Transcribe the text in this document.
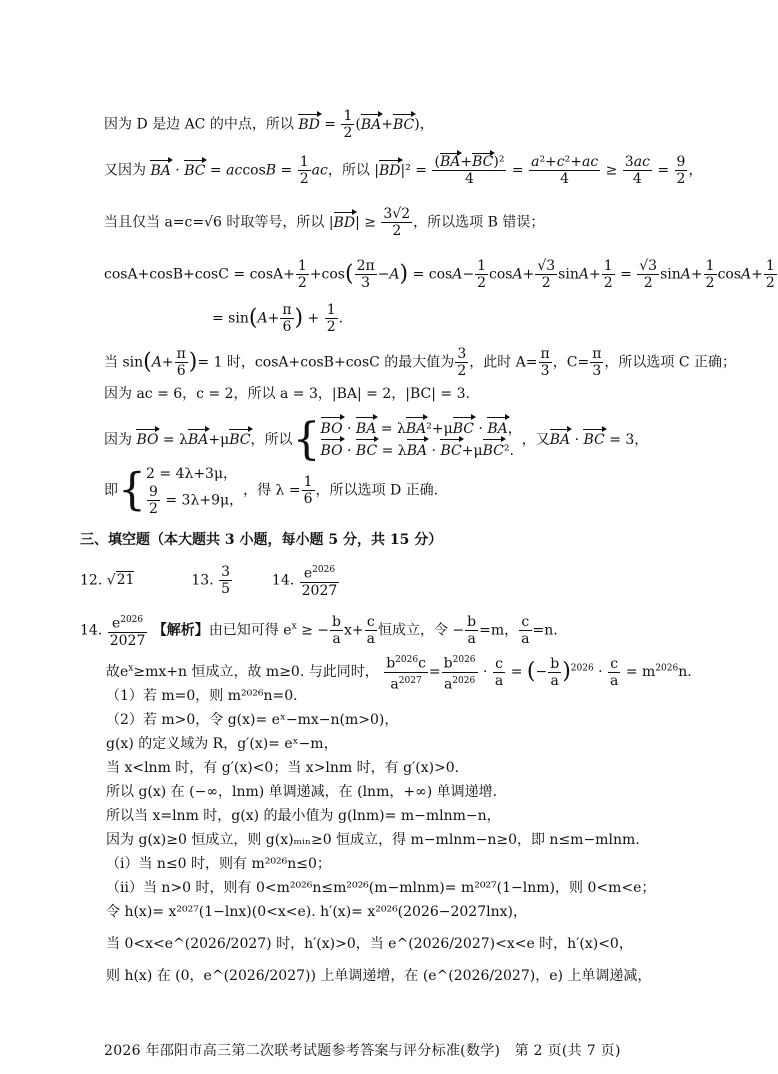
因为 D 是边 AC 的中点，所以 BD = $\frac{1}{2} (BA+BC)$，
又因为 BA · BC = $accosB = \frac{1}{2}$ ac，所以 $|BD|^2 = \frac{\text{(BA+BC)²}}{4} = \frac{\text{a²+c²+ac}}{4} \ge \frac{3ac}{4} = \frac{9}{2}$ ，
当且仅当 a=c=√6 时取等号，所以 $|BD| \ge \frac{3√2}{2}$ ，所以选项 B 错误；
$\cos A+\cos B+\cos C = \cos A+ \frac{1}{2} +\cos( \frac{2\pi}{3} -A) = \cos A- \frac{1}{2} \cos A+ \frac{√3}{2} \sin A+ \frac{1}{2} = \frac{√3}{2} \sin A+ \frac{1}{2} \cos A+ \frac{1}{2}$
= $\sin(A+ \frac{\pi}{6}$ ) + $\frac{1}{2}$ .
当 $\sin(A+ \frac{\pi}{6}$ )= 1 时，cosA+cosB+cosC 的最大值为 $\frac{3}{2}$ ，此时 $A= \frac{\pi}{3}$ ，$C= \frac{\pi}{3}$ ，所以选项 C 正确；
因为 ac = 6，c = 2，所以 a = 3，|BA| = 2，|BC| = 3.
因为 BO = λBA+μBC，所以{ BO · BA = λBA²+μBC · BA，
BO · BC = λBA · BC+μBC².
，又BA · BC = 3，
即{ 2 = 4λ+3μ，
$\frac{9}{2} = 3\lambda+9\mu$，
，得 $\lambda = \frac{1}{6}$ ，所以选项 D 正确.
三、填空题（本大题共 3 小题，每小题 5 分，共 15 分）
12. √21	13. $\frac{3}{5}$	14. $\frac{e^{2026}}{2027}$
14. $\frac{e^{2026}}{2027}$ 【解析】由已知可得 $e^x$ ≥ − $\frac{b}{a} x+ \frac{c}{a}$ 恒成立，令 − $\frac{b}{a} =m$， $\frac{c}{a} =n$.
故$e^x\ge mx+n$ 恒成立，故 m≥0. 与此同时， $\frac{b^{2026}c}{a^{2027}} = \frac{b^{2026}}{a^{2026}} \cdot \frac{c}{a}$ = (− $\frac{b}{a} )^{2026} \cdot \frac{c}{a} = m^{2026}n$.
（1）若 m=0，则 m²⁰²⁶n=0.
（2）若 m>0，令 g(x)= eˣ−mx−n(m>0)，
g(x) 的定义域为 R，g′(x)= eˣ−m，
当 x<lnm 时，有 g′(x)<0；当 x>lnm 时，有 g′(x)>0.
所以 g(x) 在 (−∞，lnm) 单调递减，在 (lnm，+∞) 单调递增.
所以当 x=lnm 时，g(x) 的最小值为 g(lnm)= m−mlnm−n，
因为 g(x)≥0 恒成立，则 g(x)ₘᵢₙ≥0 恒成立，得 m−mlnm−n≥0，即 n≤m−mlnm.
（ⅰ）当 n≤0 时，则有 m²⁰²⁶n≤0；
（ⅱ）当 n>0 时，则有 0<m²⁰²⁶n≤m²⁰²⁶(m−mlnm)= m²⁰²⁷(1−lnm)，则 0<m<e；
令 h(x)= x²⁰²⁷(1−lnx)(0<x<e). h′(x)= x²⁰²⁶(2026−2027lnx)，
当 0<x<e^(2026/2027) 时，h′(x)>0，当 e^(2026/2027)<x<e 时，h′(x)<0，
则 h(x) 在 (0，e^(2026/2027)) 上单调递增，在 (e^(2026/2027)，e) 上单调递减，
2026 年邵阳市高三第二次联考试题参考答案与评分标准(数学)　第 2 页(共 7 页)
